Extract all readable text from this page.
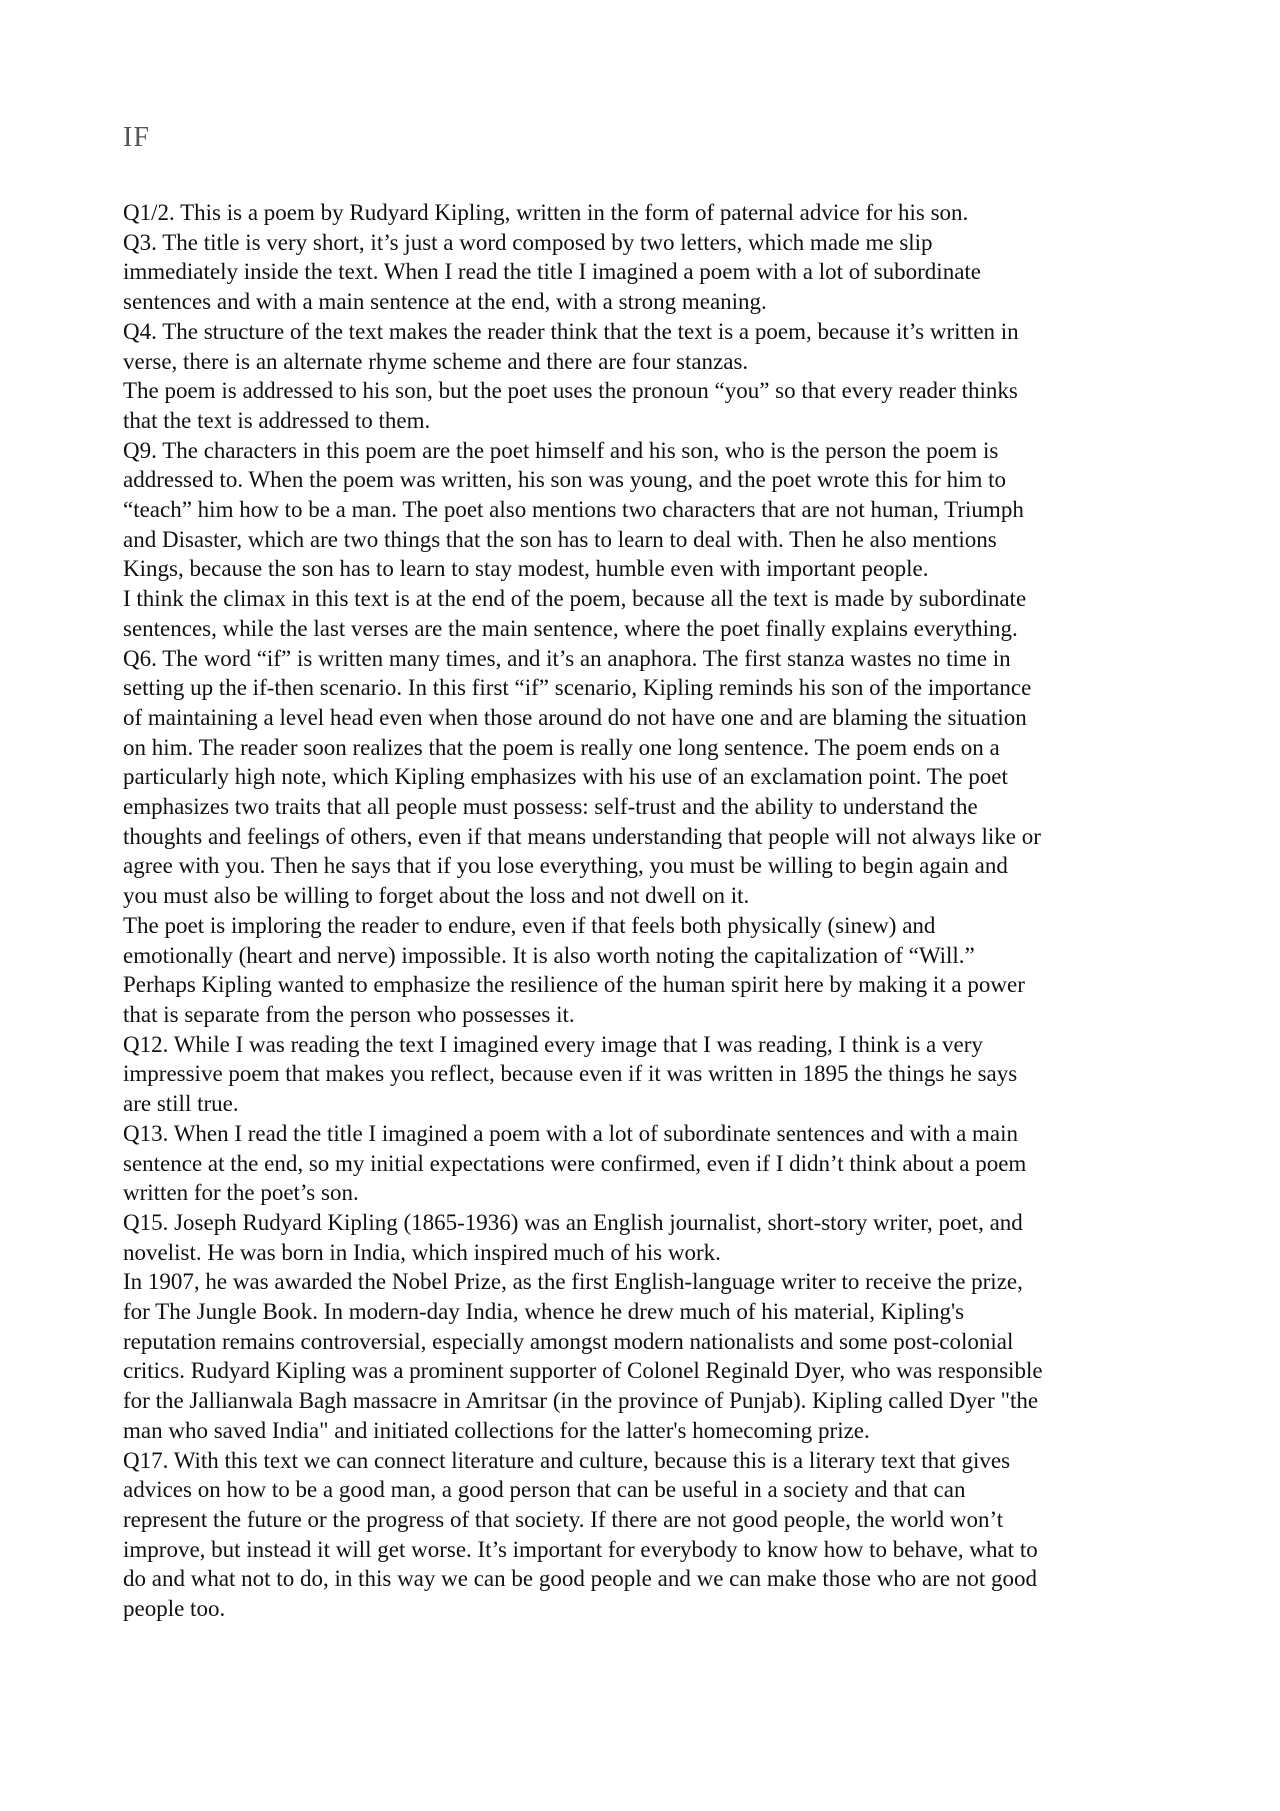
IF

Q1/2. This is a poem by Rudyard Kipling, written in the form of paternal advice for his son.

Q3. The title is very short, it’s just a word composed by two letters, which made me slip
immediately inside the text. When I read the title I imagined a poem with a lot of subordinate
sentences and with a main sentence at the end, with a strong meaning.

Q4. The structure of the text makes the reader think that the text is a poem, because it’s written in
verse, there is an alternate rhyme scheme and there are four stanzas.

The poem is addressed to his son, but the poet uses the pronoun “you” so that every reader thinks
that the text is addressed to them.

Q9. The characters in this poem are the poet himself and his son, who is the person the poem is
addressed to. When the poem was written, his son was young, and the poet wrote this for him to
“teach” him how to be a man. The poet also mentions two characters that are not human, Triumph
and Disaster, which are two things that the son has to learn to deal with. Then he also mentions
Kings, because the son has to learn to stay modest, humble even with important people.

I think the climax in this text is at the end of the poem, because all the text is made by subordinate
sentences, while the last verses are the main sentence, where the poet finally explains everything.

Q6. The word “if” is written many times, and it’s an anaphora. The first stanza wastes no time in
setting up the if-then scenario. In this first “if” scenario, Kipling reminds his son of the importance
of maintaining a level head even when those around do not have one and are blaming the situation
on him. The reader soon realizes that the poem is really one long sentence. The poem ends on a
particularly high note, which Kipling emphasizes with his use of an exclamation point. The poet
emphasizes two traits that all people must possess: self-trust and the ability to understand the
thoughts and feelings of others, even if that means understanding that people will not always like or
agree with you. Then he says that if you lose everything, you must be willing to begin again and
you must also be willing to forget about the loss and not dwell on it.

The poet is imploring the reader to endure, even if that feels both physically (sinew) and
emotionally (heart and nerve) impossible. It is also worth noting the capitalization of “Will.”
Perhaps Kipling wanted to emphasize the resilience of the human spirit here by making it a power
that is separate from the person who possesses it.

Q12. While I was reading the text I imagined every image that I was reading, I think is a very
impressive poem that makes you reflect, because even if it was written in 1895 the things he says
are still true.

Q13. When I read the title I imagined a poem with a lot of subordinate sentences and with a main
sentence at the end, so my initial expectations were confirmed, even if I didn’t think about a poem
written for the poet’s son.

Q15. Joseph Rudyard Kipling (1865-1936) was an English journalist, short-story writer, poet, and
novelist. He was born in India, which inspired much of his work.

In 1907, he was awarded the Nobel Prize, as the first English-language writer to receive the prize,
for The Jungle Book. In modern-day India, whence he drew much of his material, Kipling's
reputation remains controversial, especially amongst modern nationalists and some post-colonial
critics. Rudyard Kipling was a prominent supporter of Colonel Reginald Dyer, who was responsible
for the Jallianwala Bagh massacre in Amritsar (in the province of Punjab). Kipling called Dyer "the
man who saved India" and initiated collections for the latter's homecoming prize.

Q17. With this text we can connect literature and culture, because this is a literary text that gives
advices on how to be a good man, a good person that can be useful in a society and that can
represent the future or the progress of that society. If there are not good people, the world won’t
improve, but instead it will get worse. It’s important for everybody to know how to behave, what to
do and what not to do, in this way we can be good people and we can make those who are not good
people too.
